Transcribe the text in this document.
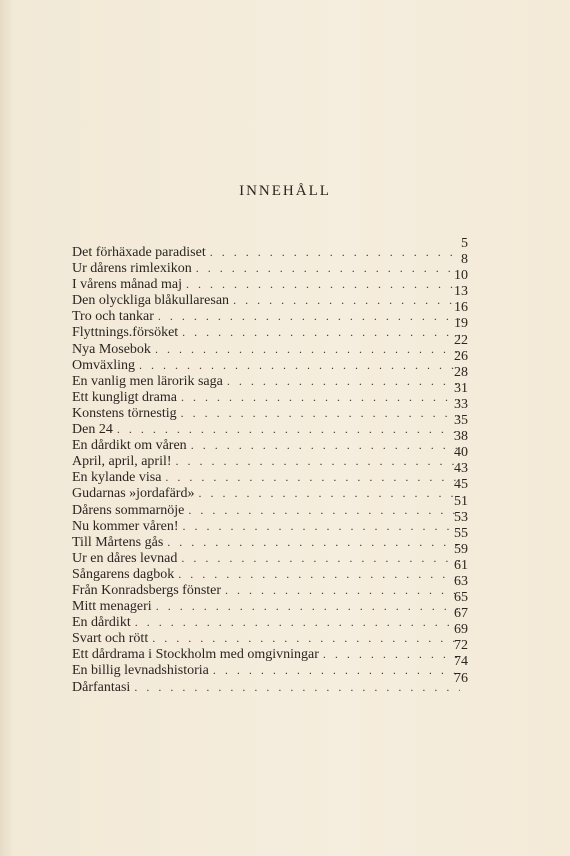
INNEHÅLL
Det förhäxade paradiset
. . .
5
Ur dårens rimlexikon
. . .
8
I vårens månad maj
. . .
10
Den olyckliga blåkullaresan
. . .
13
Tro och tankar
. . .
16
Flyttnings.försöket
. . .
19
Nya Mosebok
. . .
22
Omväxling
. . .
26
En vanlig men lärorik saga
. . .
28
Ett kungligt drama
. . .
31
Konstens törnestig
. . .
33
Den 24
. . .
35
En dårdikt om våren
. . .
38
April, april, april!
. . .
40
En kylande visa
. . .
43
Gudarnas »jordafärd»
. . .
45
Dårens sommarnöje
. . .
51
Nu kommer våren!
. . .
53
Till Mårtens gås
. . .
55
Ur en dåres levnad
. . .
59
Sångarens dagbok
. . .
61
Från Konradsbergs fönster
. . .
63
Mitt menageri
. . .
65
En dårdikt
. . .
67
Svart och rött
. . .
69
Ett dårdrama i Stockholm med omgivningar
. . .
72
En billig levnadshistoria
. . .
74
Dårfantasi
. . .
76
